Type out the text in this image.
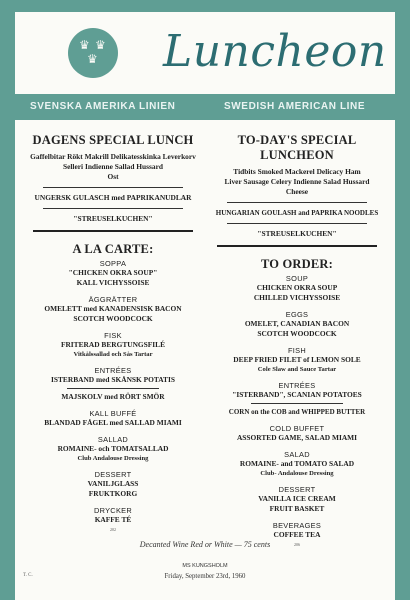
♛ ♛
♛ Luncheon
SVENSKA AMERIKA LINIEN	SWEDISH AMERICAN LINE
DAGENS SPECIAL LUNCH
Gaffelbitar Rökt Makrill Delikatesskinka Leverkorv
Selleri Indienne Sallad Hussard
Ost
UNGERSK GULASCH med PAPRIKANUDLAR
"STREUSELKUCHEN"
A LA CARTE:
SOPPA
"CHICKEN OKRA SOUP"
KALL VICHYSSOISE
ÄGGRÄTTER
OMELETT med KANADENSISK BACON
SCOTCH WOODCOCK
FISK
FRITERAD BERGTUNGSFILÉ
Vitkålssallad och Sås Tartar
ENTRÉES
ISTERBAND med SKÅNSK POTATIS
MAJSKOLV med RÖRT SMÖR
KALL BUFFÉ
BLANDAD FÅGEL med SALLAD MIAMI
SALLAD
ROMAINE- och TOMATSALLAD
Club Andalouse Dressing
DESSERT
VANILJGLASS
FRUKTKORG
DRYCKER
KAFFE TÉ
202
TO-DAY'S SPECIAL LUNCHEON
Tidbits Smoked Mackerel Delicacy Ham
Liver Sausage Celery Indienne Salad Hussard
Cheese
HUNGARIAN GOULASH and PAPRIKA NOODLES
"STREUSELKUCHEN"
TO ORDER:
SOUP
CHICKEN OKRA SOUP
CHILLED VICHYSSOISE
EGGS
OMELET, CANADIAN BACON
SCOTCH WOODCOCK
FISH
DEEP FRIED FILET of LEMON SOLE
Cole Slaw and Sauce Tartar
ENTRÉES
"ISTERBAND", SCANIAN POTATOES
CORN on the COB and WHIPPED BUTTER
COLD BUFFET
ASSORTED GAME, SALAD MIAMI
SALAD
ROMAINE- and TOMATO SALAD
Club- Andalouse Dressing
DESSERT
VANILLA ICE CREAM
FRUIT BASKET
BEVERAGES
COFFEE TEA
206
Decanted Wine Red or White — 75 cents
MS KUNGSHOLM
Friday, September 23rd, 1960
T. C.
